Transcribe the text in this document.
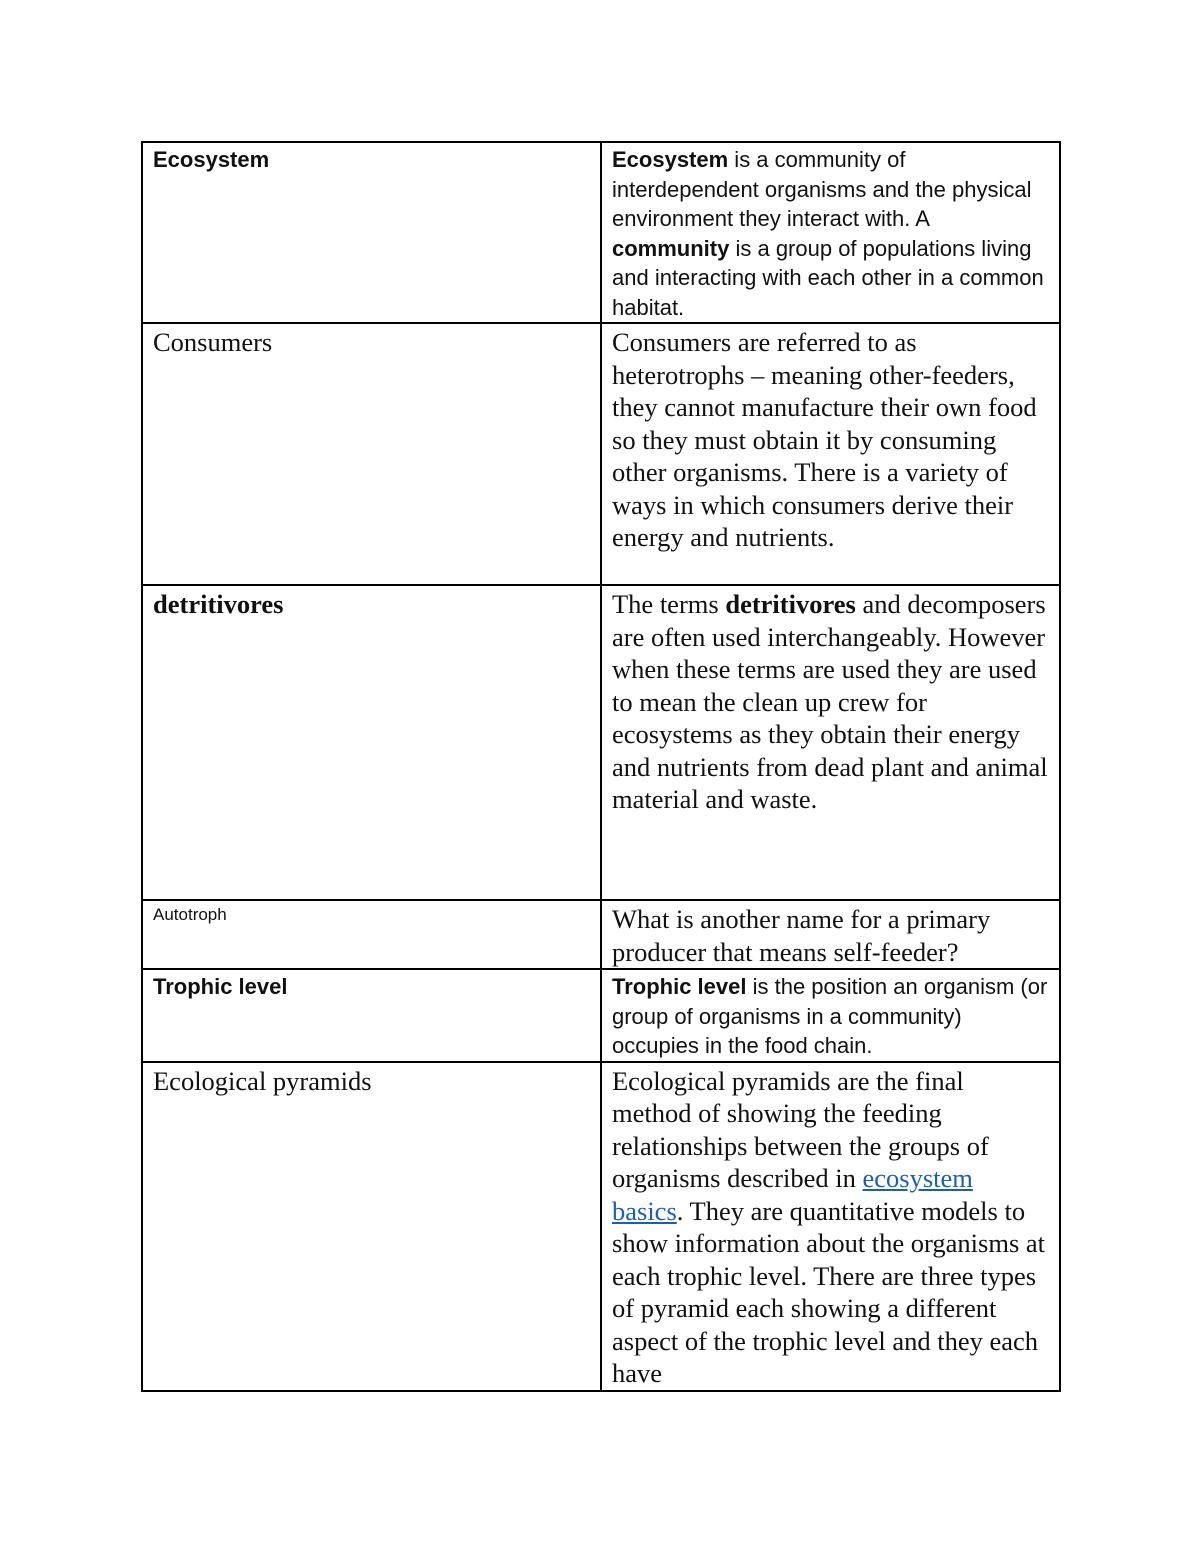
Ecosystem	Ecosystem is a community of interdependent organisms and the physical environment they interact with. A community is a group of populations living and interacting with each other in a common habitat.

Consumers	Consumers are referred to as heterotrophs – meaning other-feeders, they cannot manufacture their own food so they must obtain it by consuming other organisms. There is a variety of ways in which consumers derive their energy and nutrients.

detritivores	The terms detritivores and decomposers are often used interchangeably. However when these terms are used they are used to mean the clean up crew for ecosystems as they obtain their energy and nutrients from dead plant and animal material and waste.

Autotroph	What is another name for a primary producer that means self-feeder?

Trophic level	Trophic level is the position an organism (or group of organisms in a community) occupies in the food chain.

Ecological pyramids	Ecological pyramids are the final method of showing the feeding relationships between the groups of organisms described in ecosystem basics. They are quantitative models to show information about the organisms at each trophic level. There are three types of pyramid each showing a different aspect of the trophic level and they each have
